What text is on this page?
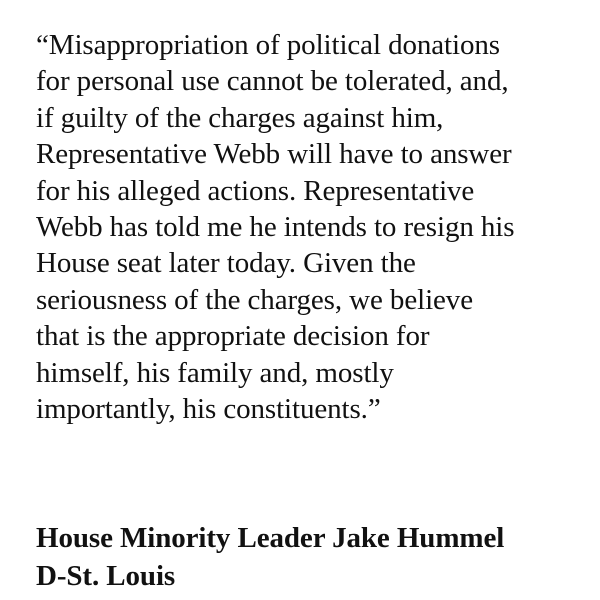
“Misappropriation of political donations
for personal use cannot be tolerated, and,
if guilty of the charges against him,
Representative Webb will have to answer
for his alleged actions. Representative
Webb has told me he intends to resign his
House seat later today. Given the
seriousness of the charges, we believe
that is the appropriate decision for
himself, his family and, mostly
importantly, his constituents.”

House Minority Leader Jake Hummel
D-St. Louis
